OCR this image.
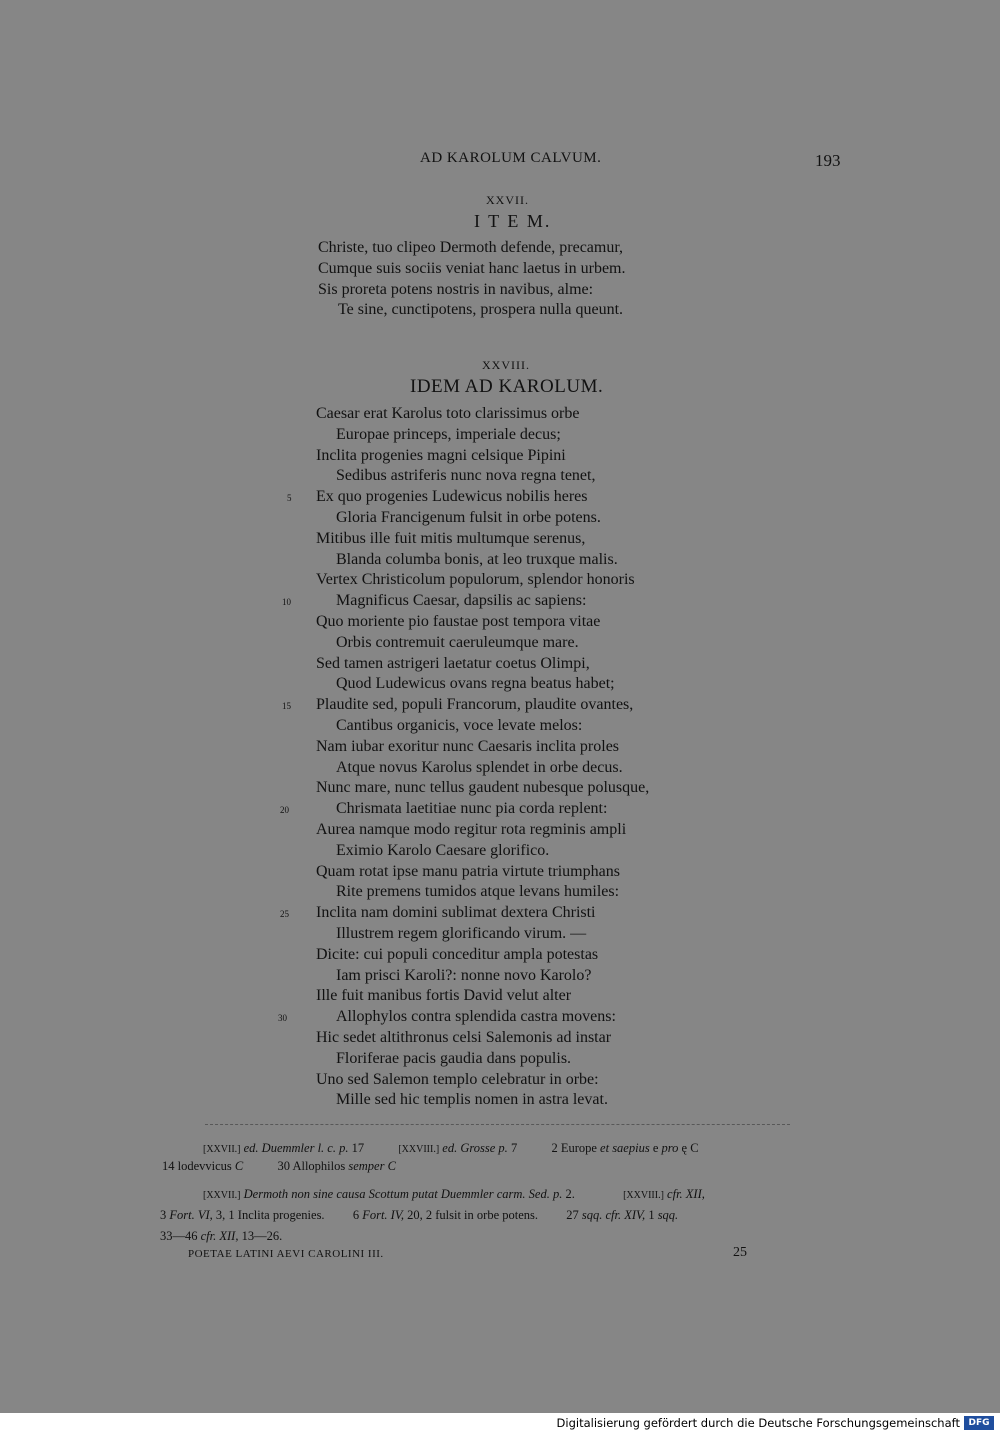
AD KAROLUM CALVUM.	193
XXVII.
I T E M.
Christe, tuo clipeo Dermoth defende, precamur,
Cumque suis sociis veniat hanc laetus in urbem.
Sis proreta potens nostris in navibus, alme:
Te sine, cunctipotens, prospera nulla queunt.
XXVIII.
IDEM AD KAROLUM.
Caesar erat Karolus toto clarissimus orbe
Europae princeps, imperiale decus;
Inclita progenies magni celsique Pipini
Sedibus astriferis nunc nova regna tenet,
Ex quo progenies Ludewicus nobilis heres
Gloria Francigenum fulsit in orbe potens.
Mitibus ille fuit mitis multumque serenus,
Blanda columba bonis, at leo truxque malis.
Vertex Christicolum populorum, splendor honoris
Magnificus Caesar, dapsilis ac sapiens:
Quo moriente pio faustae post tempora vitae
Orbis contremuit caeruleumque mare.
Sed tamen astrigeri laetatur coetus Olimpi,
Quod Ludewicus ovans regna beatus habet;
Plaudite sed, populi Francorum, plaudite ovantes,
Cantibus organicis, voce levate melos:
Nam iubar exoritur nunc Caesaris inclita proles
Atque novus Karolus splendet in orbe decus.
Nunc mare, nunc tellus gaudent nubesque polusque,
Chrismata laetitiae nunc pia corda replent:
Aurea namque modo regitur rota regminis ampli
Eximio Karolo Caesare glorifico.
Quam rotat ipse manu patria virtute triumphans
Rite premens tumidos atque levans humiles:
Inclita nam domini sublimat dextera Christi
Illustrem regem glorificando virum. —
Dicite: cui populi conceditur ampla potestas
Iam prisci Karoli?: nonne novo Karolo?
Ille fuit manibus fortis David velut alter
Allophylos contra splendida castra movens:
Hic sedet altithronus celsi Salemonis ad instar
Floriferae pacis gaudia dans populis.
Uno sed Salemon templo celebratur in orbe:
Mille sed hic templis nomen in astra levat.
5
10
15
20
25
30
[XXVII.] ed. Duemmler l. c. p. 17	[XXVIII.] ed. Grosse p. 7	2 Europe et saepius e pro ę C
14 lodevvicus C	30 Allophilos semper C
[XXVII.] Dermoth non sine causa Scottum putat Duemmler carm. Sed. p. 2.	[XXVIII.] cfr. XII,
3 Fort. VI, 3, 1 Inclita progenies. 6 Fort. IV, 20, 2 fulsit in orbe potens. 27 sqq. cfr. XIV, 1 sqq.
33—46 cfr. XII, 13—26.
POETAE LATINI AEVI CAROLINI III.	25
Digitalisierung gefördert durch die Deutsche Forschungsgemeinschaft DFG
